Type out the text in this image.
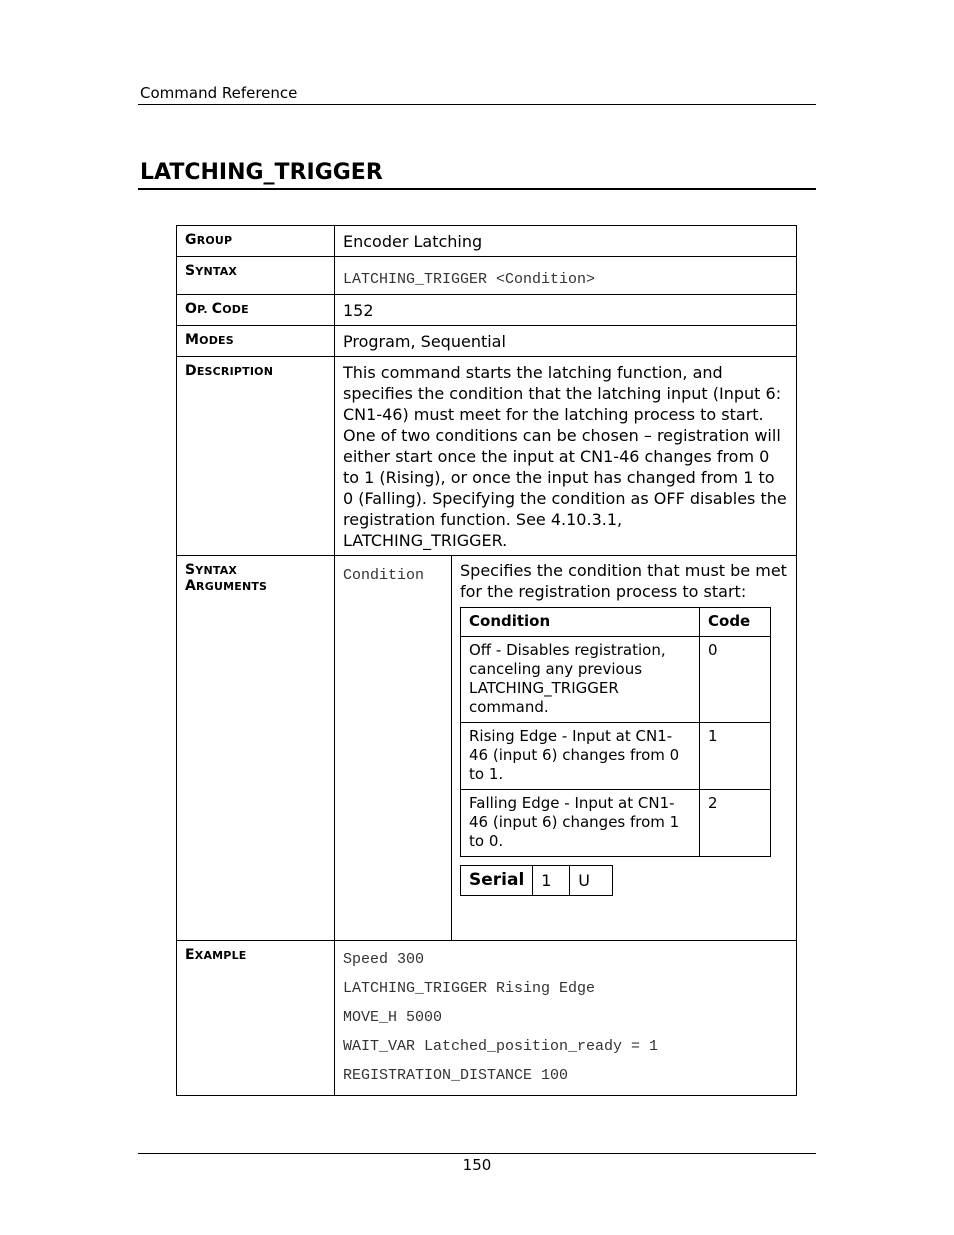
Command Reference
LATCHING_TRIGGER
GROUP	Encoder Latching
SYNTAX	LATCHING_TRIGGER <Condition>
OP. CODE	152
MODES	Program, Sequential
DESCRIPTION	This command starts the latching function, and specifies the condition that the latching input (Input 6: CN1-46) must meet for the latching process to start. One of two conditions can be chosen – registration will either start once the input at CN1-46 changes from 0 to 1 (Rising), or once the input has changed from 1 to 0 (Falling). Specifying the condition as OFF disables the registration function. See 4.10.3.1, LATCHING_TRIGGER.

SYNTAX
ARGUMENTS

Condition	Specifies the condition that must be met for the registration process to start:
Condition	Code
Off - Disables registration, canceling any previous LATCHING_TRIGGER command.	0
Rising Edge - Input at CN1-46 (input 6) changes from 0 to 1.	1
Falling Edge - Input at CN1-46 (input 6) changes from 1 to 0.	2
Serial	1	U

EXAMPLE	Speed 300
LATCHING_TRIGGER Rising Edge
MOVE_H 5000
WAIT_VAR Latched_position_ready = 1
REGISTRATION_DISTANCE 100
150
